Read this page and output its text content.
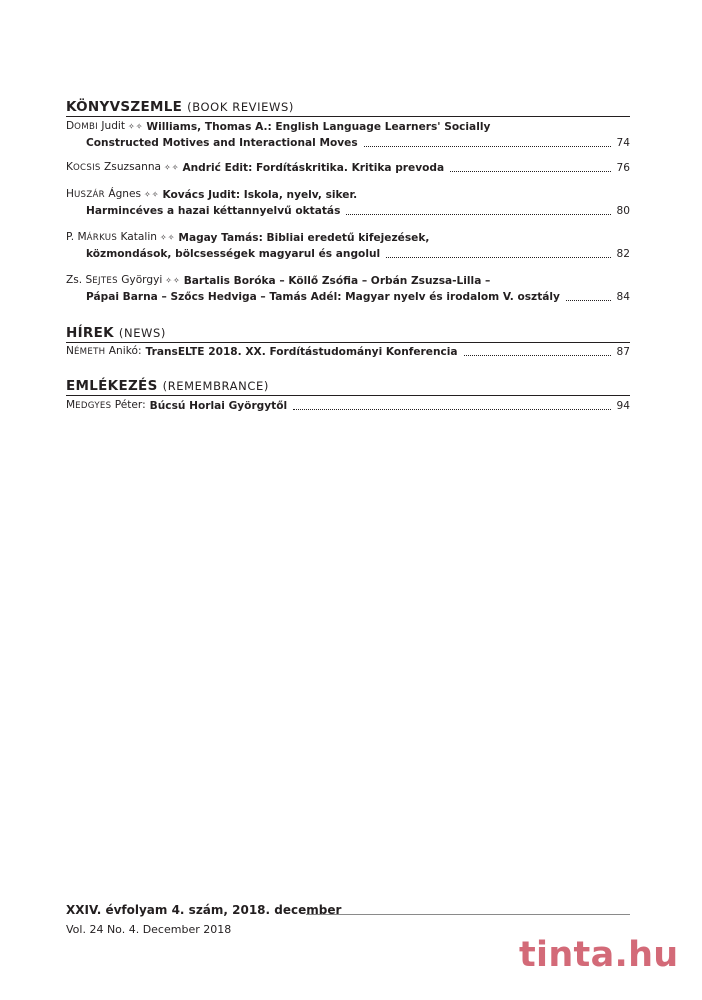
KÖNYVSZEMLE (BOOK REVIEWS)
DOMBI Judit ✧✧ Williams, Thomas A.: English Language Learners' Socially
Constructed Motives and Interactional Moves	74
KOCSIS Zsuzsanna ✧✧ Andrić Edit: Fordításkritika. Kritika prevoda	76
HUSZÁR Ágnes ✧✧ Kovács Judit: Iskola, nyelv, siker.
Harmincéves a hazai kéttannyelvű oktatás	80
P. MÁRKUS Katalin ✧✧ Magay Tamás: Bibliai eredetű kifejezések,
közmondások, bölcsességek magyarul és angolul	82
Zs. SEJTES Györgyi ✧✧ Bartalis Boróka – Köllő Zsófia – Orbán Zsuzsa-Lilla –
Pápai Barna – Szőcs Hedviga – Tamás Adél: Magyar nyelv és irodalom V. osztály	84
HÍREK (NEWS)
NÉMETH Anikó: TransELTE 2018. XX. Fordítástudományi Konferencia	87
EMLÉKEZÉS (REMEMBRANCE)
MEDGYES Péter: Búcsú Horlai Györgytől	94
XXIV. évfolyam 4. szám, 2018. december
Vol. 24 No. 4. December 2018
tinta.hu
